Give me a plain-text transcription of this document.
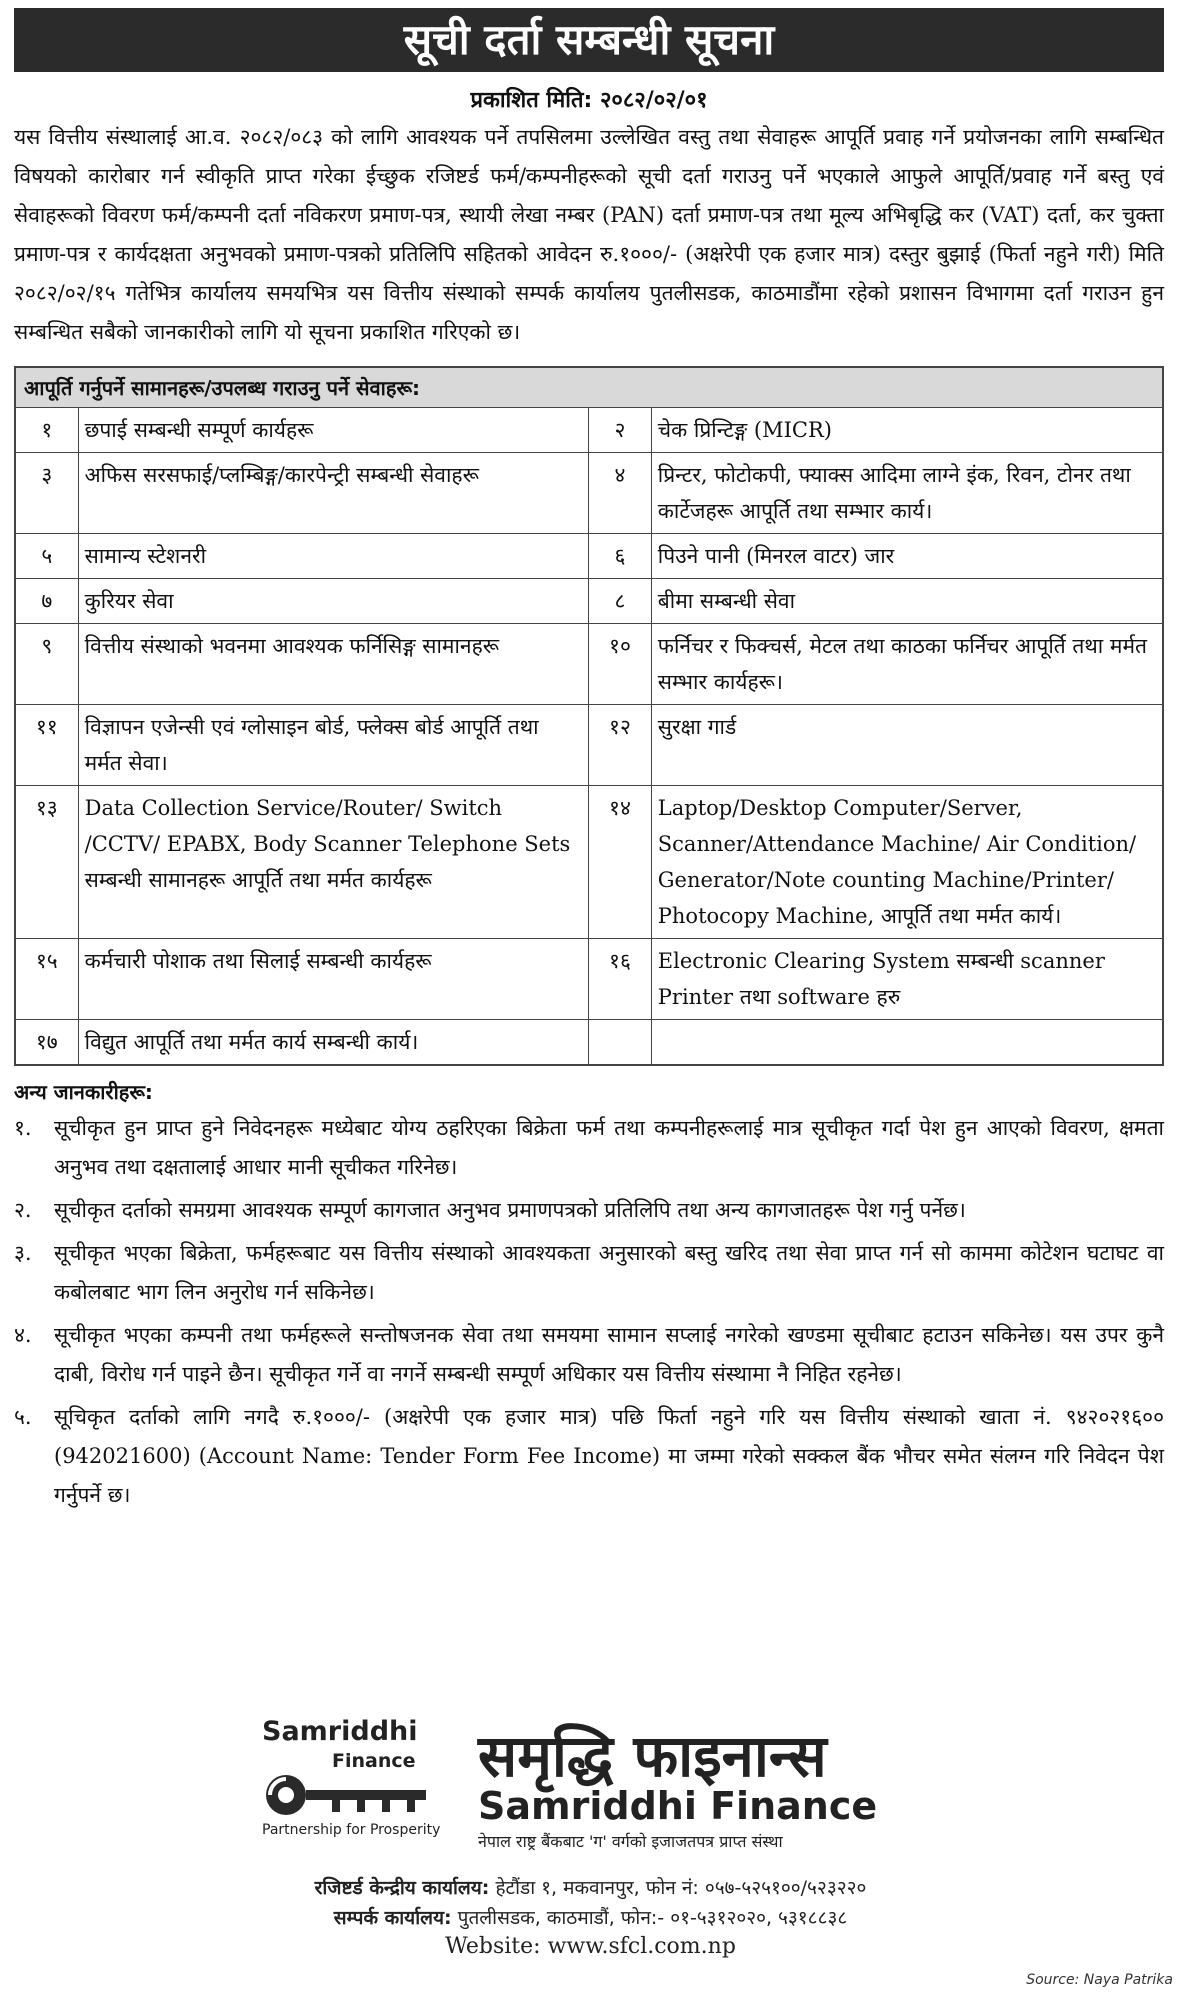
सूची दर्ता सम्बन्धी सूचना
प्रकाशित मिति: २०८२/०२/०१
यस वित्तीय संस्थालाई आ.व. २०८२/०८३ को लागि आवश्यक पर्ने तपसिलमा उल्लेखित वस्तु तथा सेवाहरू आपूर्ति प्रवाह गर्ने प्रयोजनका लागि सम्बन्धित विषयको कारोबार गर्न स्वीकृति प्राप्त गरेका ईच्छुक रजिष्टर्ड फर्म/कम्पनीहरूको सूची दर्ता गराउनु पर्ने भएकाले आफुले आपूर्ति/प्रवाह गर्ने बस्तु एवं सेवाहरूको विवरण फर्म/कम्पनी दर्ता नविकरण प्रमाण-पत्र, स्थायी लेखा नम्बर (PAN) दर्ता प्रमाण-पत्र तथा मूल्य अभिबृद्धि कर (VAT) दर्ता, कर चुक्ता प्रमाण-पत्र र कार्यदक्षता अनुभवको प्रमाण-पत्रको प्रतिलिपि सहितको आवेदन रु.१०००/- (अक्षरेपी एक हजार मात्र) दस्तुर बुझाई (फिर्ता नहुने गरी) मिति २०८२/०२/१५ गतेभित्र कार्यालय समयभित्र यस वित्तीय संस्थाको सम्पर्क कार्यालय पुतलीसडक, काठमाडौंमा रहेको प्रशासन विभागमा दर्ता गराउन हुन सम्बन्धित सबैको जानकारीको लागि यो सूचना प्रकाशित गरिएको छ।
आपूर्ति गर्नुपर्ने सामानहरू/उपलब्ध गराउनु पर्ने सेवाहरू:			
१	छपाई सम्बन्धी सम्पूर्ण कार्यहरू	२	चेक प्रिन्टिङ्ग (MICR)
३	अफिस सरसफाई/प्लम्बिङ्ग/कारपेन्ट्री सम्बन्धी सेवाहरू	४	प्रिन्टर, फोटोकपी, फ्याक्स आदिमा लाग्ने इंक, रिवन, टोनर तथा कार्टेजहरू आपूर्ति तथा सम्भार कार्य।
५	सामान्य स्टेशनरी	६	पिउने पानी (मिनरल वाटर) जार
७	कुरियर सेवा	८	बीमा सम्बन्धी सेवा
९	वित्तीय संस्थाको भवनमा आवश्यक फर्निसिङ्ग सामानहरू	१०	फर्निचर र फिक्चर्स, मेटल तथा काठका फर्निचर आपूर्ति तथा मर्मत सम्भार कार्यहरू।
११	विज्ञापन एजेन्सी एवं ग्लोसाइन बोर्ड, फ्लेक्स बोर्ड आपूर्ति तथा मर्मत सेवा।	१२	सुरक्षा गार्ड
१३	Data Collection Service/Router/ Switch /CCTV/ EPABX, Body Scanner Telephone Sets सम्बन्धी सामानहरू आपूर्ति तथा मर्मत कार्यहरू	१४	Laptop/Desktop Computer/Server, Scanner/Attendance Machine/ Air Condition/ Generator/Note counting Machine/Printer/ Photocopy Machine, आपूर्ति तथा मर्मत कार्य।
१५	कर्मचारी पोशाक तथा सिलाई सम्बन्धी कार्यहरू	१६	Electronic Clearing System सम्बन्धी scanner Printer तथा software हरु
१७	विद्युत आपूर्ति तथा मर्मत कार्य सम्बन्धी कार्य।		
अन्य जानकारीहरू:
१. सूचीकृत हुन प्राप्त हुने निवेदनहरू मध्येबाट योग्य ठहरिएका बिक्रेता फर्म तथा कम्पनीहरूलाई मात्र सूचीकृत गर्दा पेश हुन आएको विवरण, क्षमता अनुभव तथा दक्षतालाई आधार मानी सूचीकत गरिनेछ।
२. सूचीकृत दर्ताको समग्रमा आवश्यक सम्पूर्ण कागजात अनुभव प्रमाणपत्रको प्रतिलिपि तथा अन्य कागजातहरू पेश गर्नु पर्नेछ।
३. सूचीकृत भएका बिक्रेता, फर्महरूबाट यस वित्तीय संस्थाको आवश्यकता अनुसारको बस्तु खरिद तथा सेवा प्राप्त गर्न सो काममा कोटेशन घटाघट वा कबोलबाट भाग लिन अनुरोध गर्न सकिनेछ।
४. सूचीकृत भएका कम्पनी तथा फर्महरूले सन्तोषजनक सेवा तथा समयमा सामान सप्लाई नगरेको खण्डमा सूचीबाट हटाउन सकिनेछ। यस उपर कुनै दाबी, विरोध गर्न पाइने छैन। सूचीकृत गर्ने वा नगर्ने सम्बन्धी सम्पूर्ण अधिकार यस वित्तीय संस्थामा नै निहित रहनेछ।
५. सूचिकृत दर्ताको लागि नगदै रु.१०००/- (अक्षरेपी एक हजार मात्र) पछि फिर्ता नहुने गरि यस वित्तीय संस्थाको खाता नं. ९४२०२१६०० (942021600) (Account Name: Tender Form Fee Income) मा जम्मा गरेको सक्कल बैंक भौचर समेत संलग्न गरि निवेदन पेश गर्नुपर्ने छ।
Samriddhi
Finance
Partnership for Prosperity
समृद्धि फाइनान्स
Samriddhi Finance
नेपाल राष्ट्र बैंकबाट 'ग' वर्गको इजाजतपत्र प्राप्त संस्था
रजिष्टर्ड केन्द्रीय कार्यालय: हेटौंडा १, मकवानपुर, फोन नं: ०५७-५२५१००/५२३२२०
सम्पर्क कार्यालय: पुतलीसडक, काठमाडौं, फोन:- ०१-५३१२०२०, ५३१८८३८
Website: www.sfcl.com.np
Source: Naya Patrika
